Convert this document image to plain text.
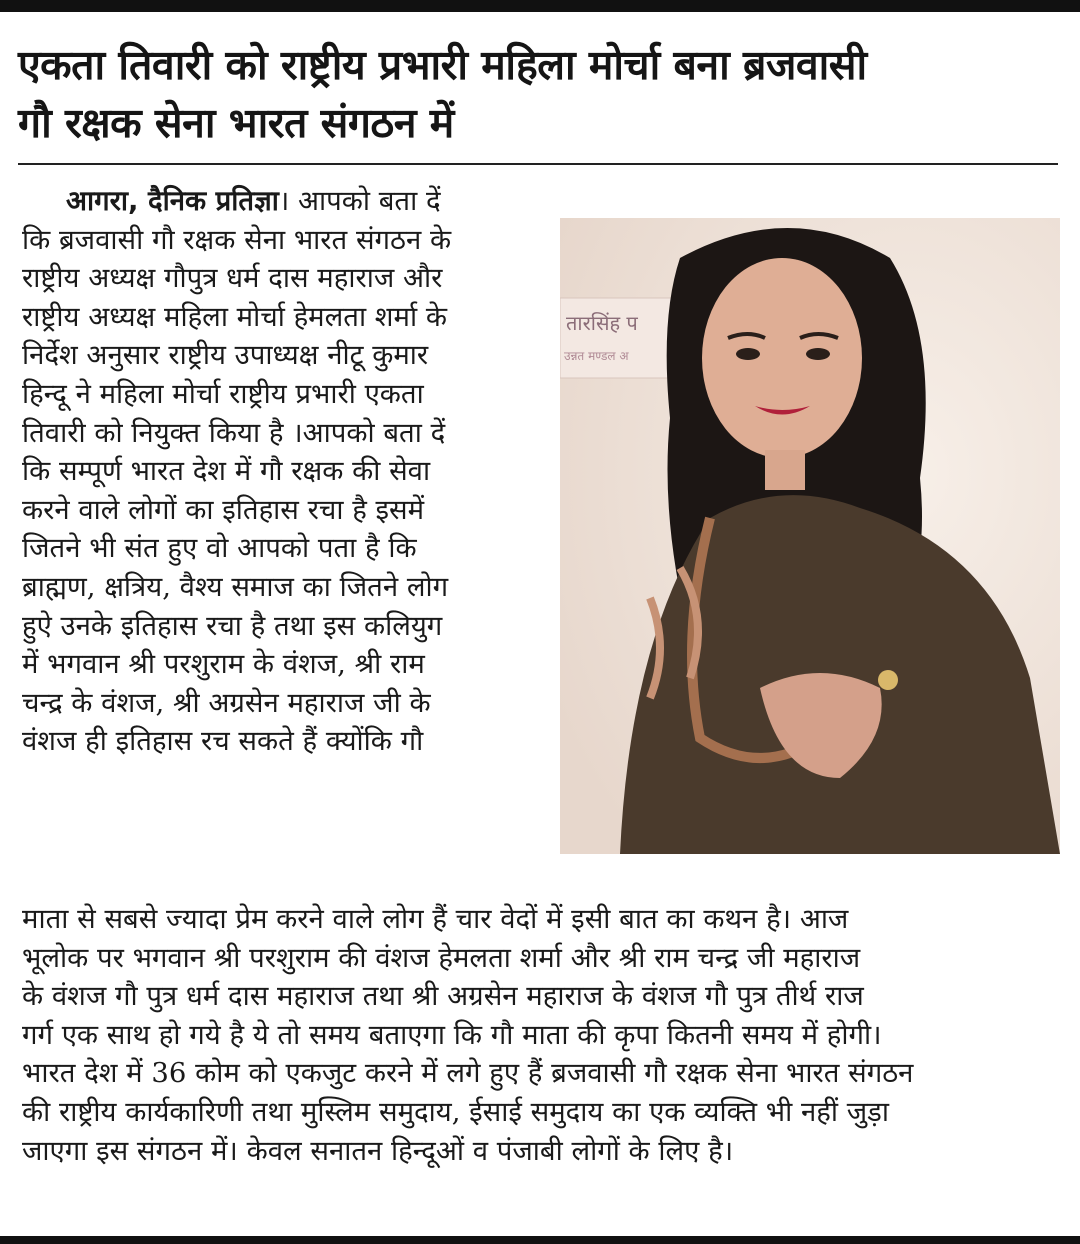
एकता तिवारी को राष्ट्रीय प्रभारी महिला मोर्चा बना ब्रजवासी
गौ रक्षक सेना भारत संगठन में
आगरा, दैनिक प्रतिज्ञा। आपको बता दें
कि ब्रजवासी गौ रक्षक सेना भारत संगठन के
राष्ट्रीय अध्यक्ष गौपुत्र धर्म दास महाराज और
राष्ट्रीय अध्यक्ष महिला मोर्चा हेमलता शर्मा के
निर्देश अनुसार राष्ट्रीय उपाध्यक्ष नीटू कुमार
हिन्दू ने महिला मोर्चा राष्ट्रीय प्रभारी एकता
तिवारी को नियुक्त किया है ।आपको बता दें
कि सम्पूर्ण भारत देश में गौ रक्षक की सेवा
करने वाले लोगों का इतिहास रचा है इसमें
जितने भी संत हुए वो आपको पता है कि
ब्राह्मण, क्षत्रिय, वैश्य समाज का जितने लोग
हुऐ उनके इतिहास रचा है तथा इस कलियुग
में भगवान श्री परशुराम के वंशज, श्री राम
चन्द्र के वंशज, श्री अग्रसेन महाराज जी के
वंशज ही इतिहास रच सकते हैं क्योंकि गौ
तारसिंह प
उन्नत मण्डल अ
माता से सबसे ज्यादा प्रेम करने वाले लोग हैं चार वेदों में इसी बात का कथन है। आज
भूलोक पर भगवान श्री परशुराम की वंशज हेमलता शर्मा और श्री राम चन्द्र जी महाराज
के वंशज गौ पुत्र धर्म दास महाराज तथा श्री अग्रसेन महाराज के वंशज गौ पुत्र तीर्थ राज
गर्ग एक साथ हो गये है ये तो समय बताएगा कि गौ माता की कृपा कितनी समय में होगी।
भारत देश में 36 कोम को एकजुट करने में लगे हुए हैं ब्रजवासी गौ रक्षक सेना भारत संगठन
की राष्ट्रीय कार्यकारिणी तथा मुस्लिम समुदाय, ईसाई समुदाय का एक व्यक्ति भी नहीं जुड़ा
जाएगा इस संगठन में। केवल सनातन हिन्दूओं व पंजाबी लोगों के लिए है।
